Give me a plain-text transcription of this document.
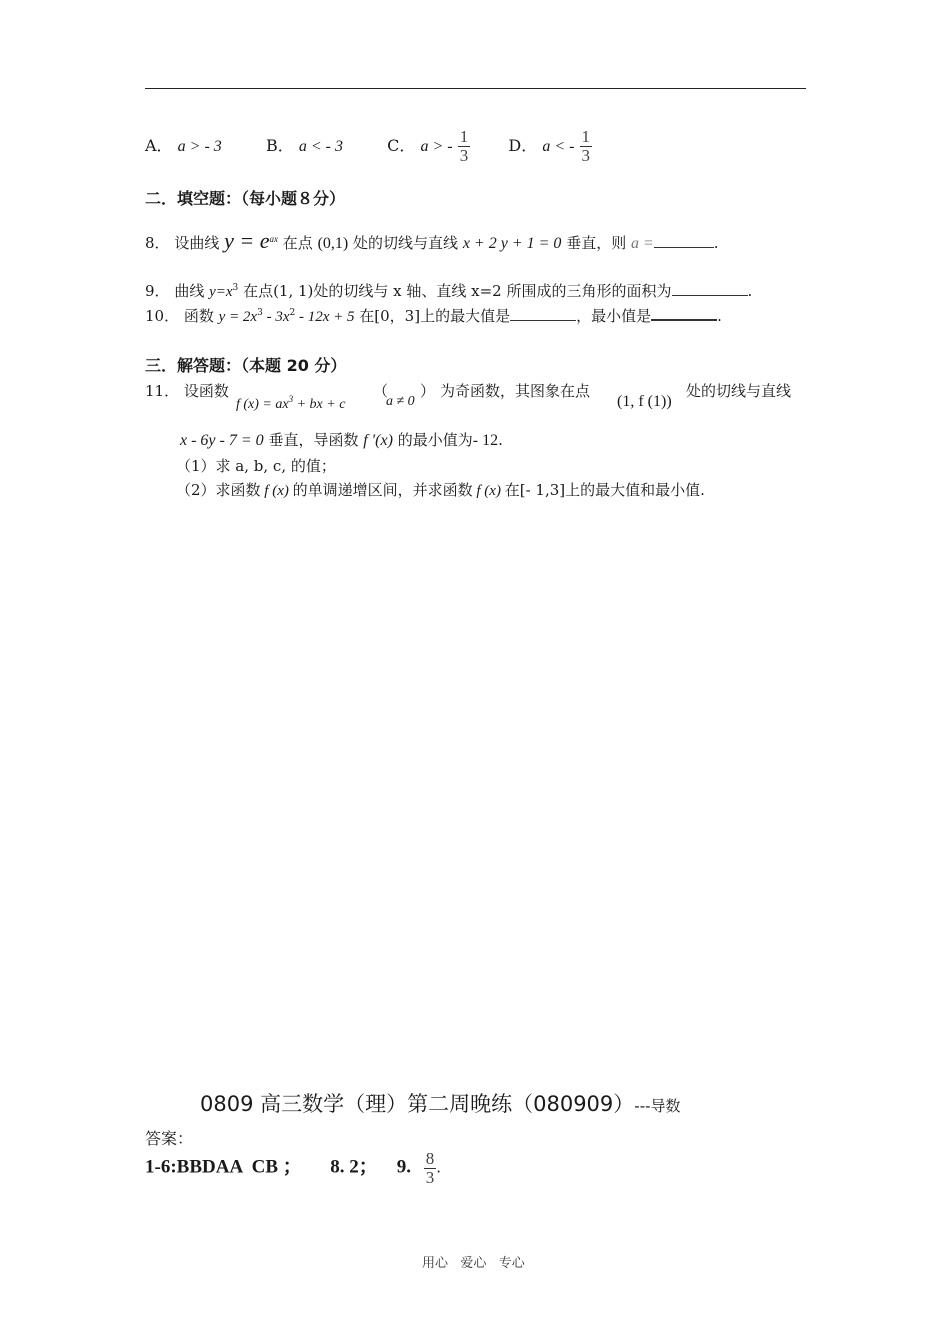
A． a > - 3	B． a < - 3	C． a > - $\frac{1}{3}$ D． a < - $\frac{1}{3}$
二．填空题：（每小题８分）
8． 设曲线 $y = e^{ax}$ 在点 (0,1) 处的切线与直线 x + 2 y + 1 = 0 垂直，则 a =	.
9． 曲线 $y=x^3$ 在点(1, 1)处的切线与 x 轴、直线 x=2 所围成的三角形的面积为	.
10． 函数 $y = 2x^3 - 3x^2 - 12x + 5$ 在[0，3]上的最大值是	，最小值是	.
三．解答题：（本题 20 分）
11． 设函数
f $(x) = ax^3$ + bx + c
（
a ≠ 0
） 为奇函数，其图象在点
(1, f (1))
处的切线与直线
x - 6y - 7 = 0 垂直，导函数 f ′(x) 的最小值为- 12.
（1）求 a, b, c, 的值；
（2）求函数 f (x) 的单调递增区间，并求函数 f (x) 在[- 1,3]上的最大值和最小值.
0809 高三数学（理）第二周晚练（080909）---导数
答案：
1-6:BBDAA  CB ；      8. 2；    9. $\frac{8}{3}$ .
用心   爱心   专心
